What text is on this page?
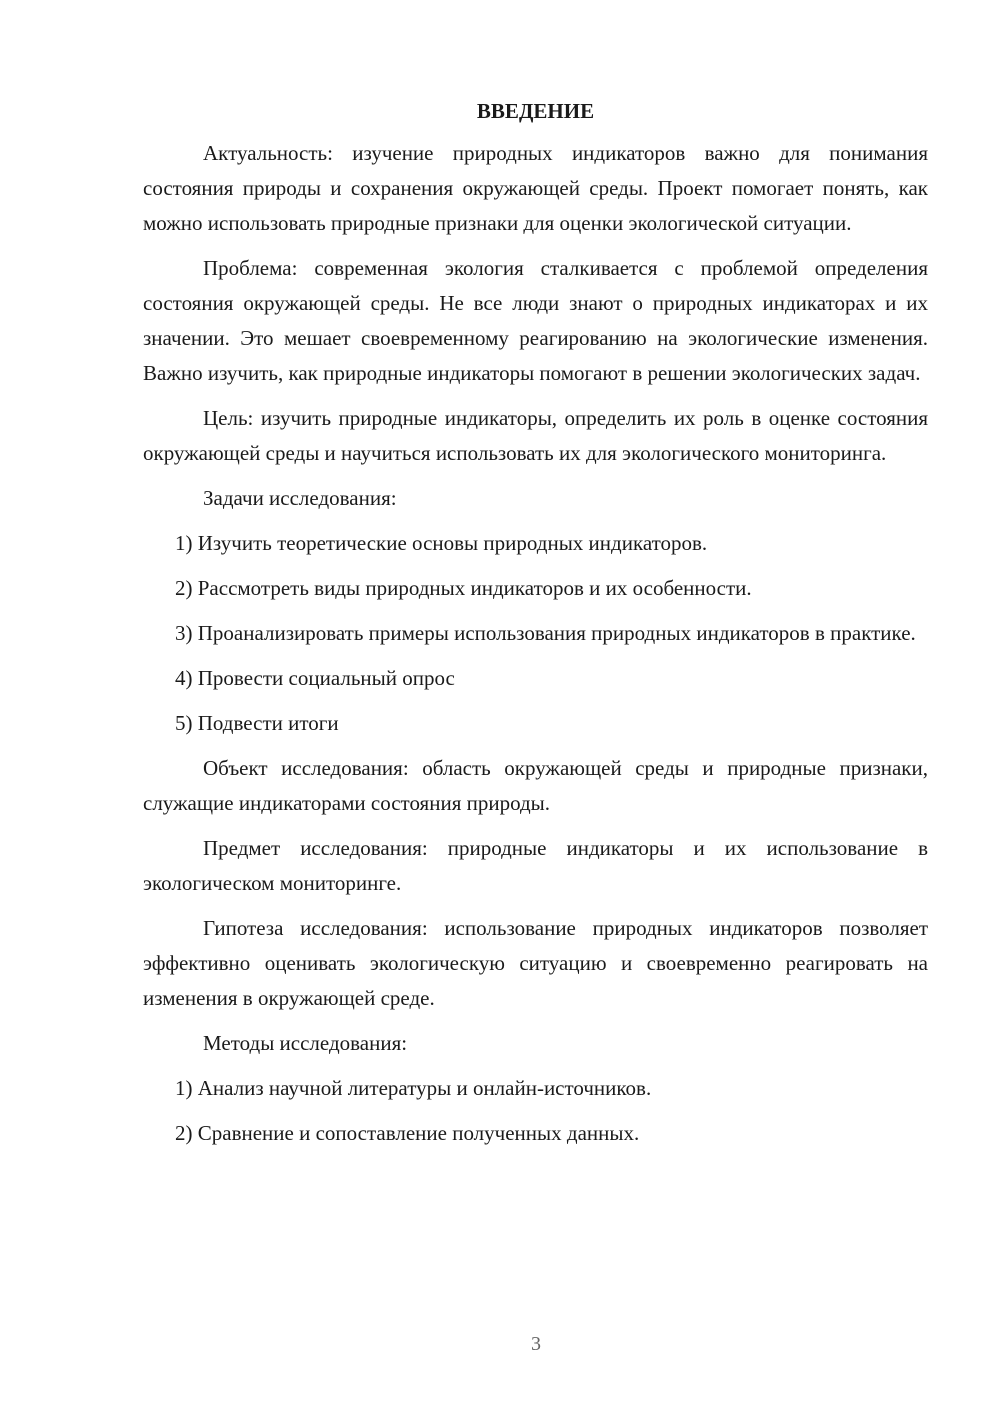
ВВЕДЕНИЕ

Актуальность: изучение природных индикаторов важно для понимания состояния природы и сохранения окружающей среды. Проект помогает понять, как можно использовать природные признаки для оценки экологической ситуации.

Проблема: современная экология сталкивается с проблемой определения состояния окружающей среды. Не все люди знают о природных индикаторах и их значении. Это мешает своевременному реагированию на экологические изменения. Важно изучить, как природные индикаторы помогают в решении экологических задач.

Цель: изучить природные индикаторы, определить их роль в оценке состояния окружающей среды и научиться использовать их для экологического мониторинга.

Задачи исследования:

1) Изучить теоретические основы природных индикаторов.

2) Рассмотреть виды природных индикаторов и их особенности.

3) Проанализировать примеры использования природных индикаторов в практике.

4) Провести социальный опрос

5) Подвести итоги

Объект исследования: область окружающей среды и природные признаки, служащие индикаторами состояния природы.

Предмет исследования: природные индикаторы и их использование в экологическом мониторинге.

Гипотеза исследования: использование природных индикаторов позволяет эффективно оценивать экологическую ситуацию и своевременно реагировать на изменения в окружающей среде.

Методы исследования:

1) Анализ научной литературы и онлайн-источников.

2) Сравнение и сопоставление полученных данных.

3
